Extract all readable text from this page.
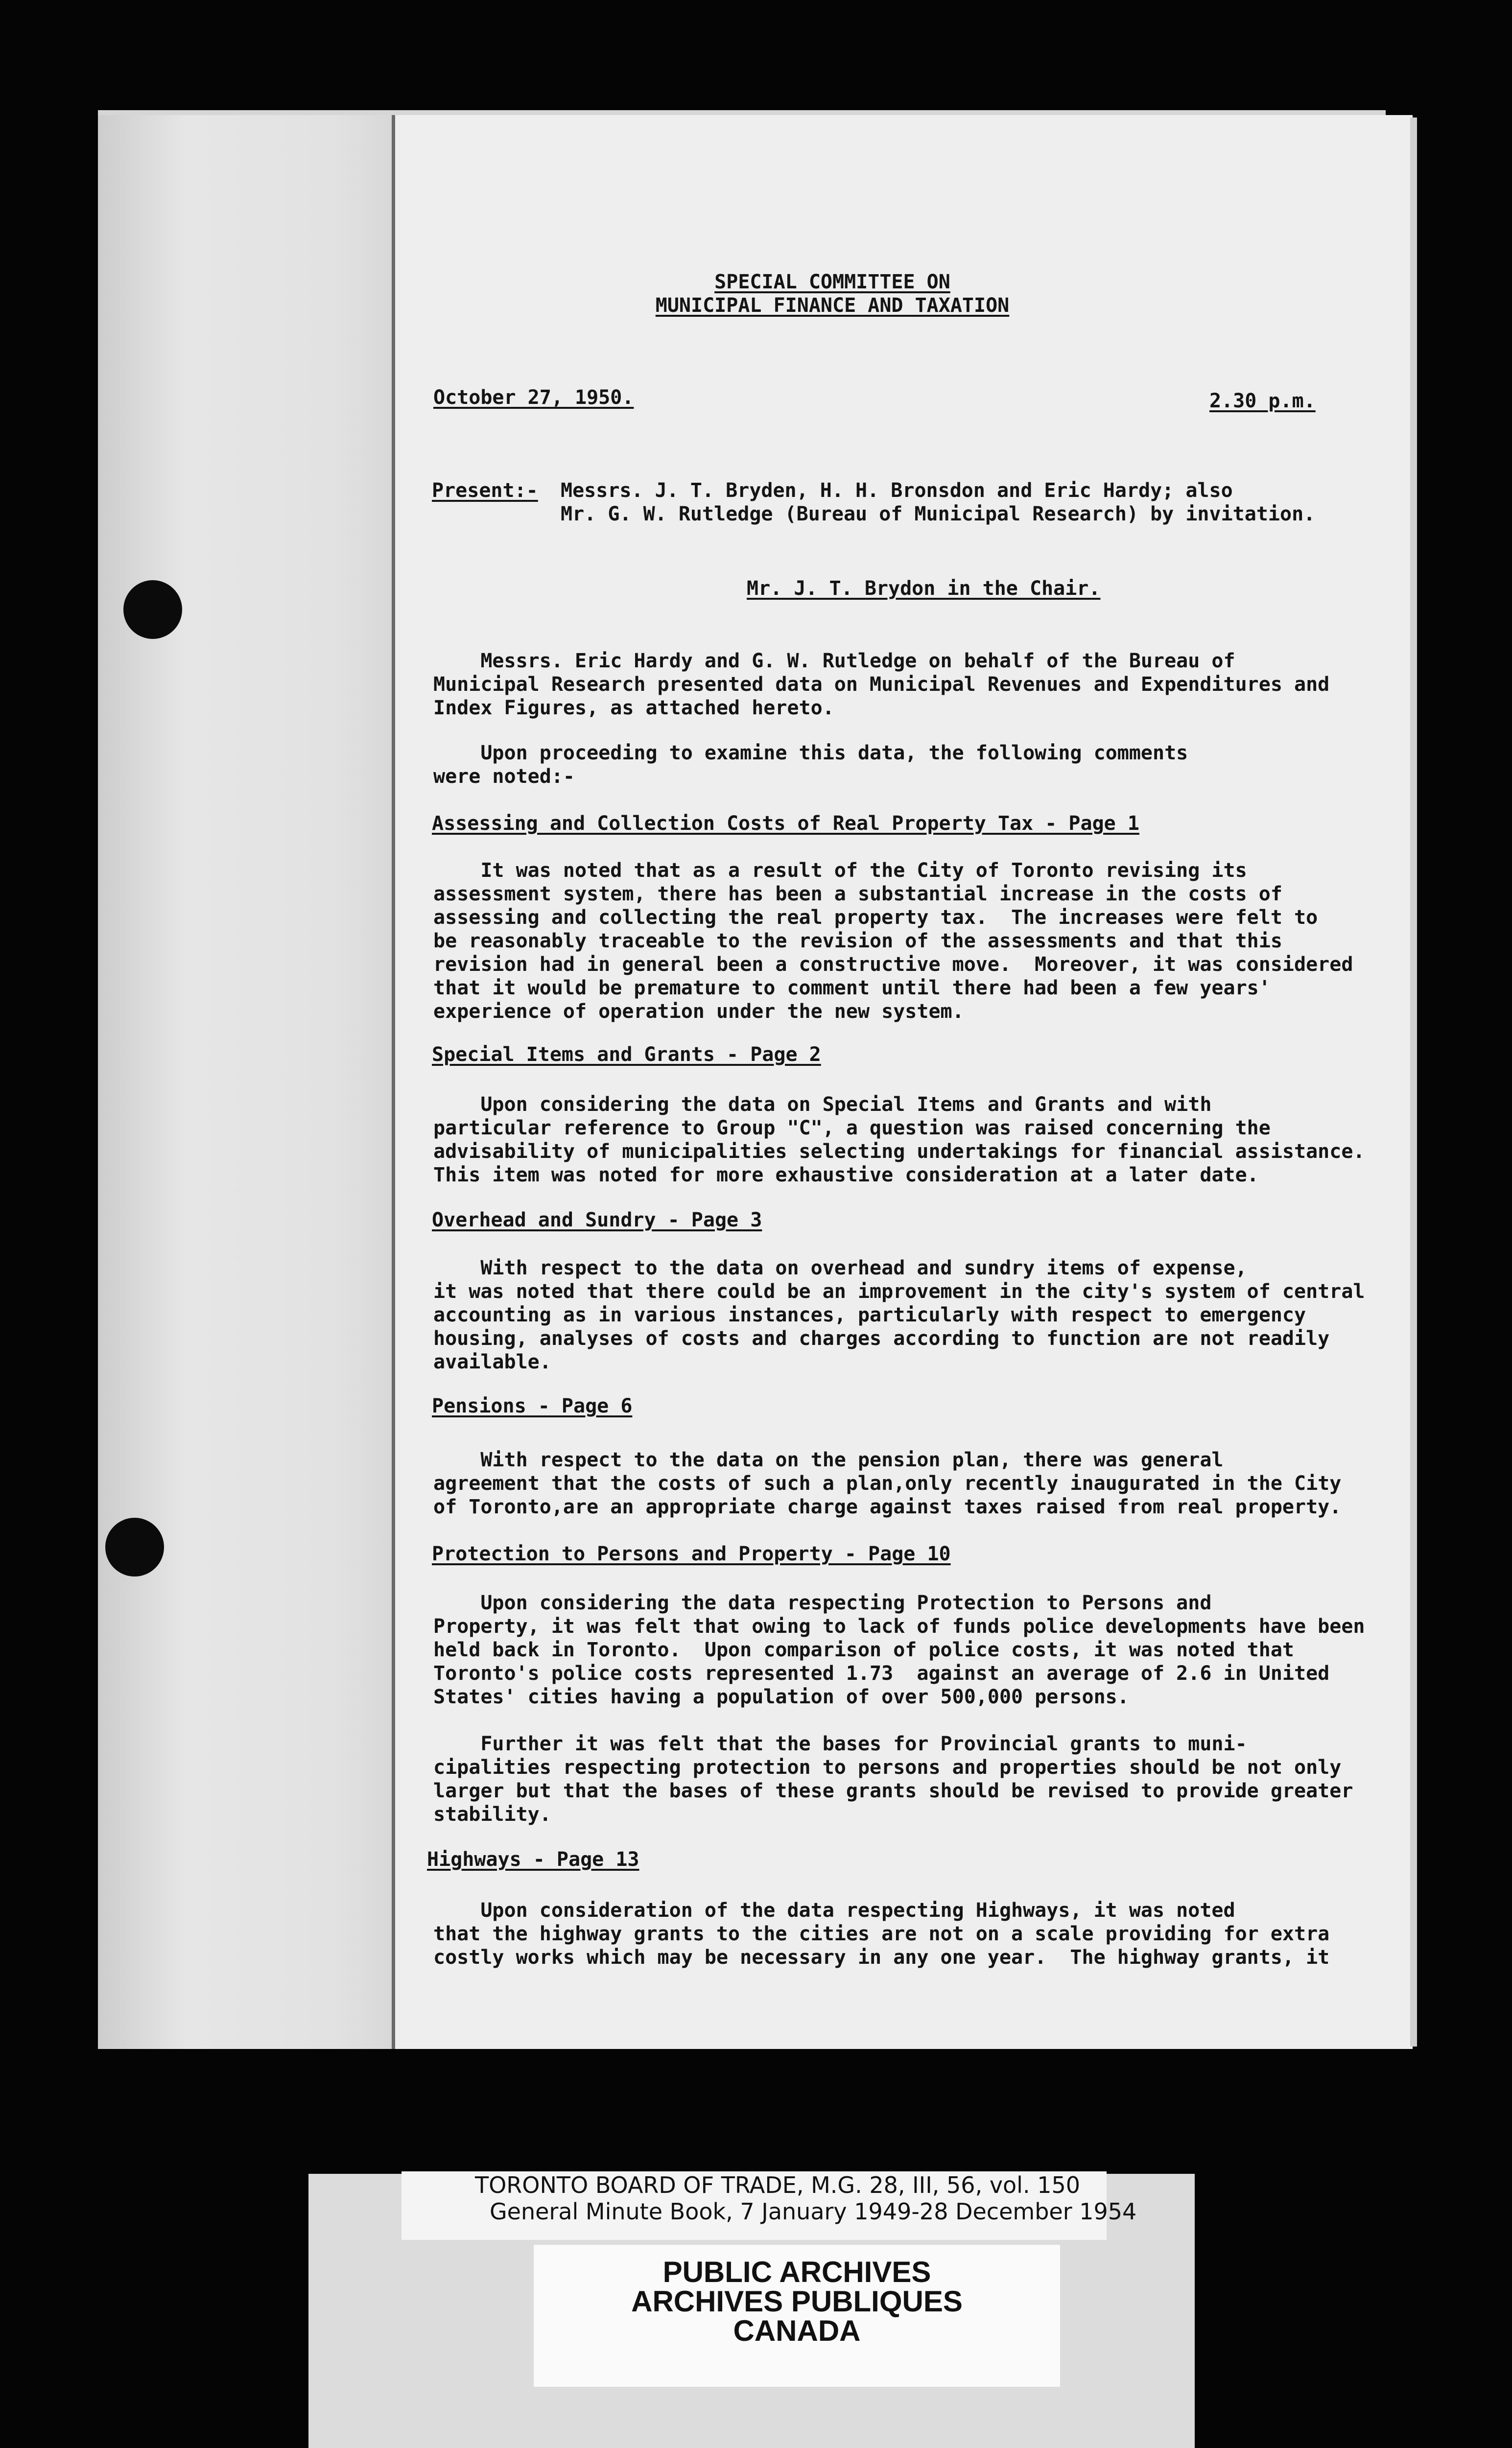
SPECIAL COMMITTEE ON

MUNICIPAL FINANCE AND TAXATION

October 27, 1950.	2.30 p.m.

Present:- Messrs. J. T. Bryden, H. H. Bronsdon and Eric Hardy; also

Mr. G. W. Rutledge (Bureau of Municipal Research) by invitation.

Mr. J. T. Brydon in the Chair.

Messrs. Eric Hardy and G. W. Rutledge on behalf of the Bureau of

Municipal Research presented data on Municipal Revenues and Expenditures and

Index Figures, as attached hereto.

Upon proceeding to examine this data, the following comments

were noted:-

Assessing and Collection Costs of Real Property Tax - Page 1

It was noted that as a result of the City of Toronto revising its

assessment system, there has been a substantial increase in the costs of

assessing and collecting the real property tax.  The increases were felt to

be reasonably traceable to the revision of the assessments and that this

revision had in general been a constructive move.  Moreover, it was considered

that it would be premature to comment until there had been a few years'

experience of operation under the new system.

Special Items and Grants - Page 2

Upon considering the data on Special Items and Grants and with

particular reference to Group "C", a question was raised concerning the

advisability of municipalities selecting undertakings for financial assistance.

This item was noted for more exhaustive consideration at a later date.

Overhead and Sundry - Page 3

With respect to the data on overhead and sundry items of expense,

it was noted that there could be an improvement in the city's system of central

accounting as in various instances, particularly with respect to emergency

housing, analyses of costs and charges according to function are not readily

available.

Pensions - Page 6

With respect to the data on the pension plan, there was general

agreement that the costs of such a plan,only recently inaugurated in the City

of Toronto,are an appropriate charge against taxes raised from real property.

Protection to Persons and Property - Page 10

Upon considering the data respecting Protection to Persons and

Property, it was felt that owing to lack of funds police developments have been

held back in Toronto.  Upon comparison of police costs, it was noted that

Toronto's police costs represented 1.73  against an average of 2.6 in United

States' cities having a population of over 500,000 persons.

Further it was felt that the bases for Provincial grants to muni-

cipalities respecting protection to persons and properties should be not only

larger but that the bases of these grants should be revised to provide greater

stability.

Highways - Page 13

Upon consideration of the data respecting Highways, it was noted

that the highway grants to the cities are not on a scale providing for extra

costly works which may be necessary in any one year.  The highway grants, it

TORONTO BOARD OF TRADE, M.G. 28, III, 56, vol. 150

General Minute Book, 7 January 1949-28 December 1954

PUBLIC ARCHIVES

ARCHIVES PUBLIQUES

CANADA
